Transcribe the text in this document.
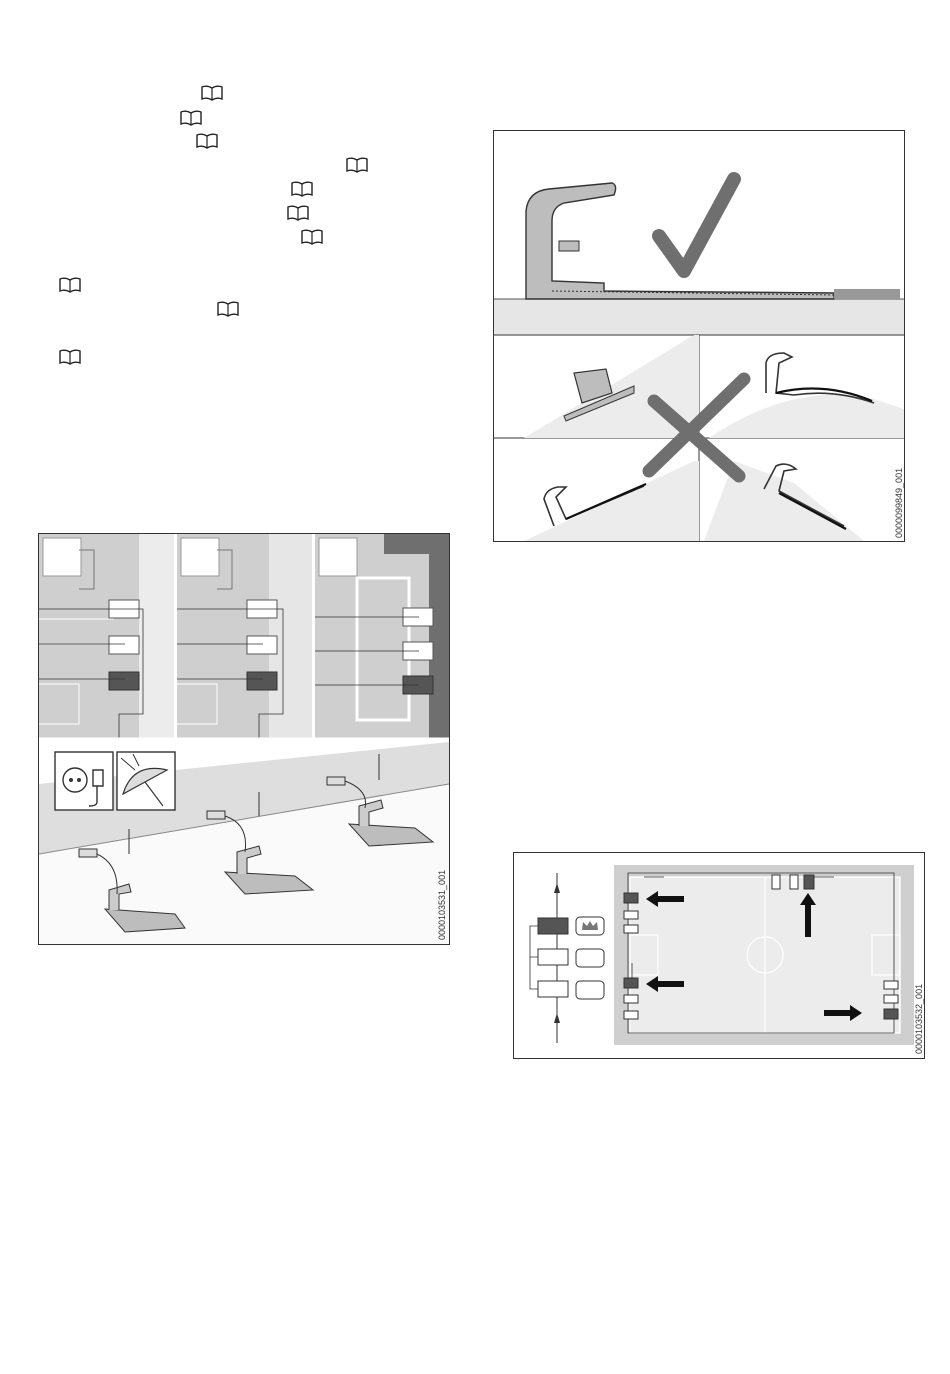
0000099849_001
0000103531_001
0000103532_001
